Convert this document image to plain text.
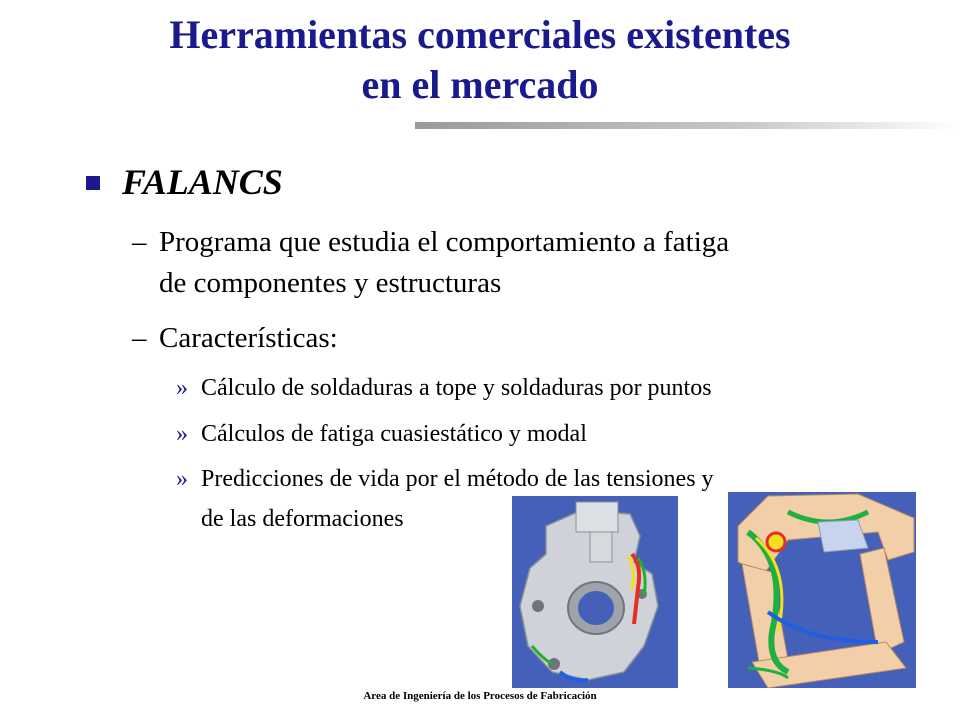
Herramientas comerciales existentes
en el mercado
FALANCS
– Programa que estudia el comportamiento a fatiga
de componentes y estructuras
– Características:
» Cálculo de soldaduras a tope y soldaduras por puntos
» Cálculos de fatiga cuasiestático y modal
» Predicciones de vida por el método de las tensiones y
de las deformaciones
Area de Ingeniería de los Procesos de Fabricación
